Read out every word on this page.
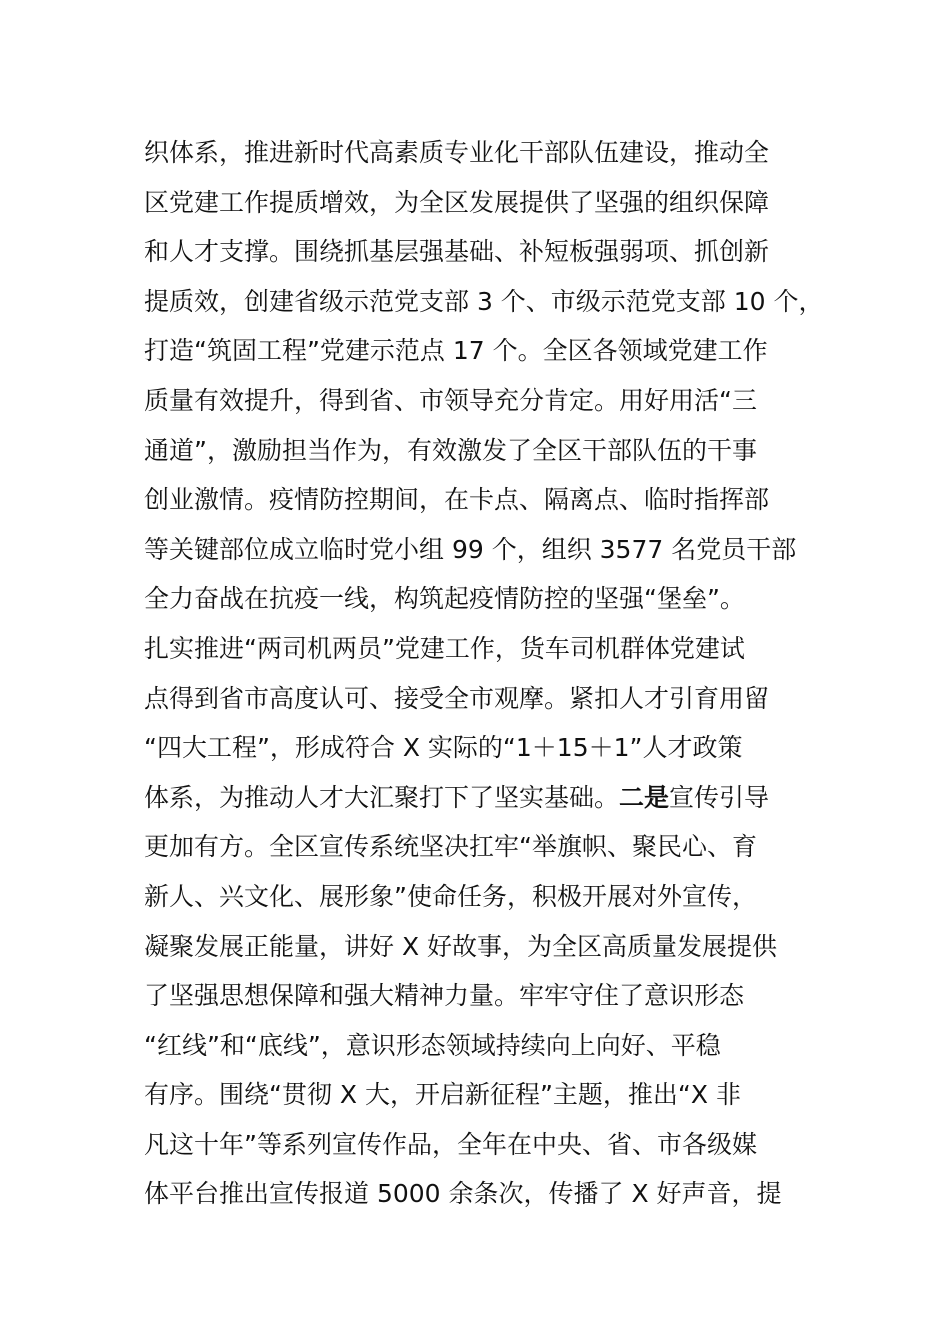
织体系，推进新时代高素质专业化干部队伍建设，推动全
区党建工作提质增效，为全区发展提供了坚强的组织保障
和人才支撑。围绕抓基层强基础、补短板强弱项、抓创新
提质效，创建省级示范党支部 3 个、市级示范党支部 10 个，
打造“筑固工程”党建示范点 17 个。全区各领域党建工作
质量有效提升，得到省、市领导充分肯定。用好用活“三
通道”，激励担当作为，有效激发了全区干部队伍的干事
创业激情。疫情防控期间，在卡点、隔离点、临时指挥部
等关键部位成立临时党小组 99 个，组织 3577 名党员干部
全力奋战在抗疫一线，构筑起疫情防控的坚强“堡垒”。
扎实推进“两司机两员”党建工作，货车司机群体党建试
点得到省市高度认可、接受全市观摩。紧扣人才引育用留
“四大工程”，形成符合 X 实际的“1＋15＋1”人才政策
体系，为推动人才大汇聚打下了坚实基础。二是宣传引导
更加有方。全区宣传系统坚决扛牢“举旗帜、聚民心、育
新人、兴文化、展形象”使命任务，积极开展对外宣传，
凝聚发展正能量，讲好 X 好故事，为全区高质量发展提供
了坚强思想保障和强大精神力量。牢牢守住了意识形态
“红线”和“底线”，意识形态领域持续向上向好、平稳
有序。围绕“贯彻 X 大，开启新征程”主题，推出“X 非
凡这十年”等系列宣传作品，全年在中央、省、市各级媒
体平台推出宣传报道 5000 余条次，传播了 X 好声音，提
